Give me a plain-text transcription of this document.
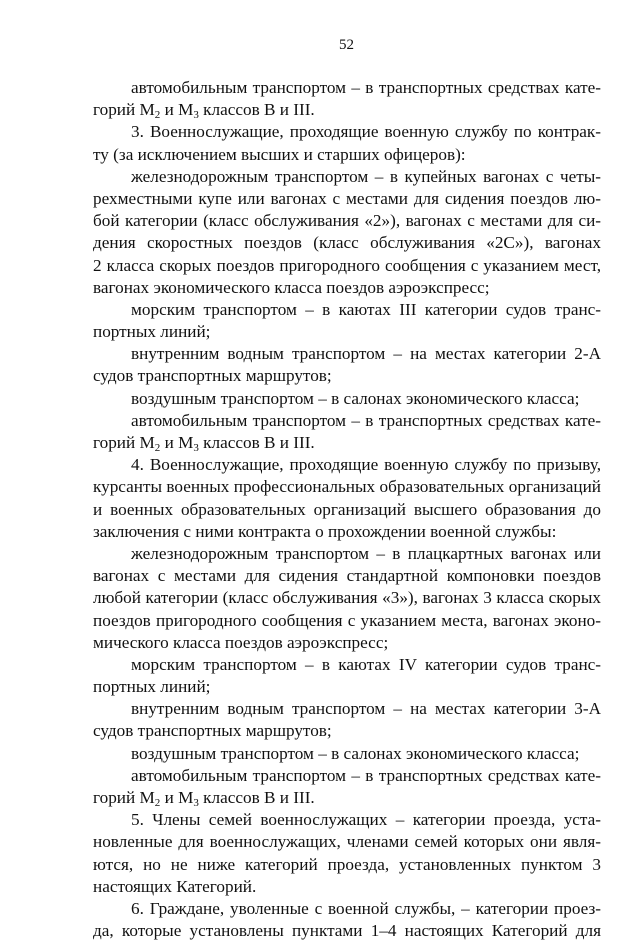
52
автомобильным транспортом – в транспортных средствах кате-
горий $M_2$ и $M_3$ классов B и III.
3. Военнослужащие, проходящие военную службу по контрак-
ту (за исключением высших и старших офицеров):
железнодорожным транспортом – в купейных вагонах с четы-
рехместными купе или вагонах с местами для сидения поездов лю-
бой категории (класс обслуживания «2»), вагонах с местами для си-
дения скоростных поездов (класс обслуживания «2С»), вагонах
2 класса скорых поездов пригородного сообщения с указанием мест,
вагонах экономического класса поездов аэроэкспресс;
морским транспортом – в каютах III категории судов транс-
портных линий;
внутренним водным транспортом – на местах категории 2-А
судов транспортных маршрутов;
воздушным транспортом – в салонах экономического класса;
автомобильным транспортом – в транспортных средствах кате-
горий $M_2$ и $M_3$ классов B и III.
4. Военнослужащие, проходящие военную службу по призыву,
курсанты военных профессиональных образовательных организаций
и военных образовательных организаций высшего образования до
заключения с ними контракта о прохождении военной службы:
железнодорожным транспортом – в плацкартных вагонах или
вагонах с местами для сидения стандартной компоновки поездов
любой категории (класс обслуживания «3»), вагонах 3 класса скорых
поездов пригородного сообщения с указанием места, вагонах эконо-
мического класса поездов аэроэкспресс;
морским транспортом – в каютах IV категории судов транс-
портных линий;
внутренним водным транспортом – на местах категории 3-А
судов транспортных маршрутов;
воздушным транспортом – в салонах экономического класса;
автомобильным транспортом – в транспортных средствах кате-
горий $M_2$ и $M_3$ классов B и III.
5. Члены семей военнослужащих – категории проезда, уста-
новленные для военнослужащих, членами семей которых они явля-
ются, но не ниже категорий проезда, установленных пунктом 3
настоящих Категорий.
6. Граждане, уволенные с военной службы, – категории проез-
да, которые установлены пунктами 1–4 настоящих Категорий для
